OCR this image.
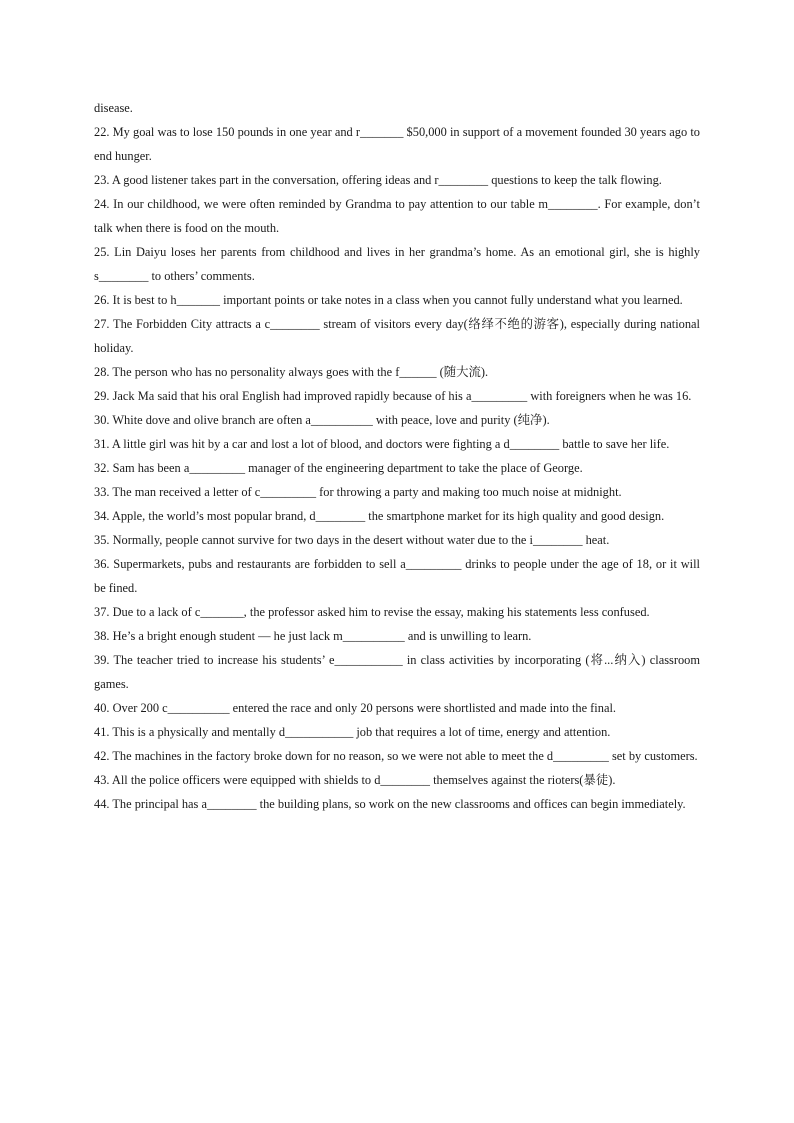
disease.

22. My goal was to lose 150 pounds in one year and r_______ $50,000 in support of a movement founded 30 years ago to end hunger.

23. A good listener takes part in the conversation, offering ideas and r________ questions to keep the talk flowing.

24. In our childhood, we were often reminded by Grandma to pay attention to our table m________. For example, don’t talk when there is food on the mouth.

25. Lin Daiyu loses her parents from childhood and lives in her grandma’s home. As an emotional girl, she is highly s________ to others’ comments.

26. It is best to h_______ important points or take notes in a class when you cannot fully understand what you learned.

27. The Forbidden City attracts a c________ stream of visitors every day(络绎不绝的游客), especially during national holiday.

28. The person who has no personality always goes with the f______ (随大流).

29. Jack Ma said that his oral English had improved rapidly because of his a_________ with foreigners when he was 16.

30. White dove and olive branch are often a__________ with peace, love and purity (纯净).

31. A little girl was hit by a car and lost a lot of blood, and doctors were fighting a d________ battle to save her life.

32. Sam has been a_________ manager of the engineering department to take the place of George.

33. The man received a letter of c_________ for throwing a party and making too much noise at midnight.

34. Apple, the world’s most popular brand, d________ the smartphone market for its high quality and good design.

35. Normally, people cannot survive for two days in the desert without water due to the i________ heat.

36. Supermarkets, pubs and restaurants are forbidden to sell a_________ drinks to people under the age of 18, or it will be fined.

37. Due to a lack of c_______, the professor asked him to revise the essay, making his statements less confused.

38. He’s a bright enough student — he just lack m__________ and is unwilling to learn.

39. The teacher tried to increase his students’ e___________ in class activities by incorporating (将...纳入) classroom games.

40. Over 200 c__________ entered the race and only 20 persons were shortlisted and made into the final.

41. This is a physically and mentally d___________ job that requires a lot of time, energy and attention.

42. The machines in the factory broke down for no reason, so we were not able to meet the d_________ set by customers.

43. All the police officers were equipped with shields to d________ themselves against the rioters(暴徒).

44. The principal has a________ the building plans, so work on the new classrooms and offices can begin immediately.
